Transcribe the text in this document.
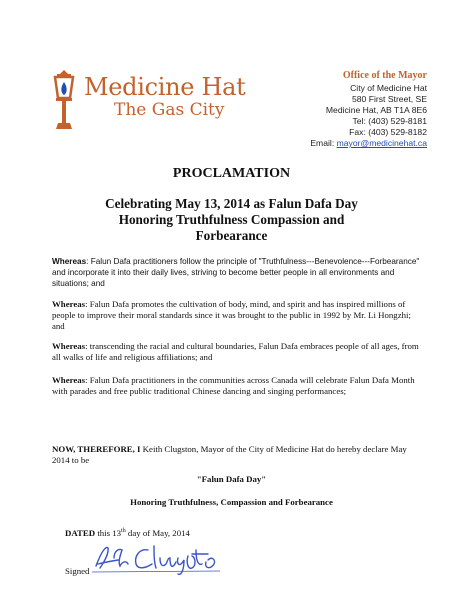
Medicine Hat
The Gas City
Office of the Mayor
City of Medicine Hat
580 First Street, SE
Medicine Hat, AB T1A 8E6
Tel: (403) 529-8181
Fax: (403) 529-8182
Email: mayor@medicinehat.ca
PROCLAMATION
Celebrating May 13, 2014 as Falun Dafa Day
Honoring Truthfulness Compassion and
Forbearance
Whereas: Falun Dafa practitioners follow the principle of "Truthfulness---Benevolence---Forbearance" and incorporate it into their daily lives, striving to become better people in all environments and situations; and
Whereas: Falun Dafa promotes the cultivation of body, mind, and spirit and has inspired millions of people to improve their moral standards since it was brought to the public in 1992 by Mr. Li Hongzhi; and
Whereas: transcending the racial and cultural boundaries, Falun Dafa embraces people of all ages, from all walks of life and religious affiliations; and
Whereas: Falun Dafa practitioners in the communities across Canada will celebrate Falun Dafa Month with parades and free public traditional Chinese dancing and singing performances;
NOW, THEREFORE, I Keith Clugston, Mayor of the City of Medicine Hat do hereby declare May 2014 to be
"Falun Dafa Day"
Honoring Truthfulness, Compassion and Forbearance
DATED this 13th day of May, 2014
Signed
